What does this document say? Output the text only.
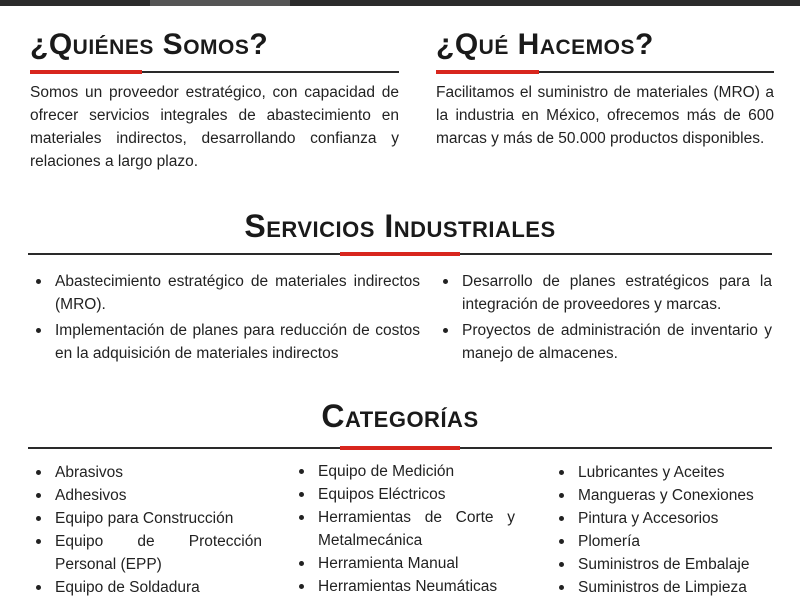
¿Quiénes Somos?

Somos un proveedor estratégico, con capacidad de ofrecer servicios integrales de abastecimiento en materiales indirectos, desarrollando confianza y relaciones a largo plazo.

¿Qué Hacemos?

Facilitamos el suministro de materiales (MRO) a la industria en México, ofrecemos más de 600 marcas y más de 50.000 productos disponibles.

Servicios Industriales
Abastecimiento estratégico de materiales indirectos (MRO).
Implementación de planes para reducción de costos en la adquisición de materiales indirectos
Desarrollo de planes estratégicos para la integración de proveedores y marcas.
Proyectos de administración de inventario y manejo de almacenes.
Categorías
Abrasivos
Adhesivos
Equipo para Construcción
Equipo de Protección Personal (EPP)
Equipo de Soldadura
Equipo de Medición
Equipos Eléctricos
Herramientas de Corte y Metalmecánica
Herramienta Manual
Herramientas Neumáticas
Lubricantes y Aceites
Mangueras y Conexiones
Pintura y Accesorios
Plomería
Suministros de Embalaje
Suministros de Limpieza
